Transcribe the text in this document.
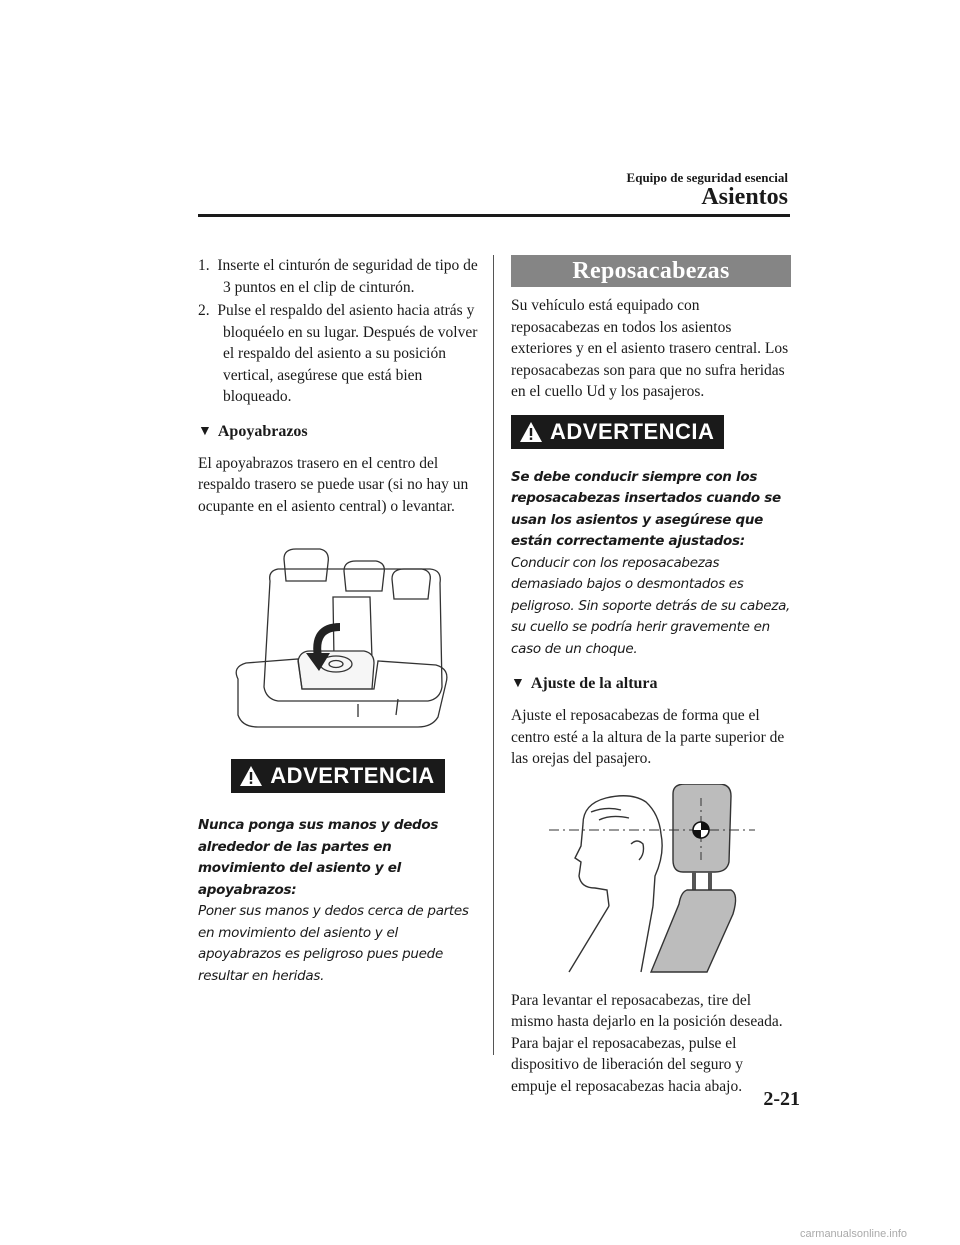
Equipo de seguridad esencial
Asientos
1.  Inserte el cinturón de seguridad de tipo de 3 puntos en el clip de cinturón.
2.  Pulse el respaldo del asiento hacia atrás y bloquéelo en su lugar. Después de volver el respaldo del asiento a su posición vertical, asegúrese que está bien bloqueado.
▼ Apoyabrazos

El apoyabrazos trasero en el centro del respaldo trasero se puede usar (si no hay un ocupante en el asiento central) o levantar.

ADVERTENCIA
Nunca ponga sus manos y dedos alrededor de las partes en movimiento del asiento y el apoyabrazos:
Poner sus manos y dedos cerca de partes en movimiento del asiento y el apoyabrazos es peligroso pues puede resultar en heridas.
Reposacabezas

Su vehículo está equipado con reposacabezas en todos los asientos exteriores y en el asiento trasero central. Los reposacabezas son para que no sufra heridas en el cuello Ud y los pasajeros.

ADVERTENCIA
Se debe conducir siempre con los reposacabezas insertados cuando se usan los asientos y asegúrese que están correctamente ajustados:
Conducir con los reposacabezas demasiado bajos o desmontados es peligroso. Sin soporte detrás de su cabeza, su cuello se podría herir gravemente en caso de un choque.
▼ Ajuste de la altura

Ajuste el reposacabezas de forma que el centro esté a la altura de la parte superior de las orejas del pasajero.

Para levantar el reposacabezas, tire del mismo hasta dejarlo en la posición deseada.

Para bajar el reposacabezas, pulse el dispositivo de liberación del seguro y empuje el reposacabezas hacia abajo.

2-21
carmanualsonline.info
